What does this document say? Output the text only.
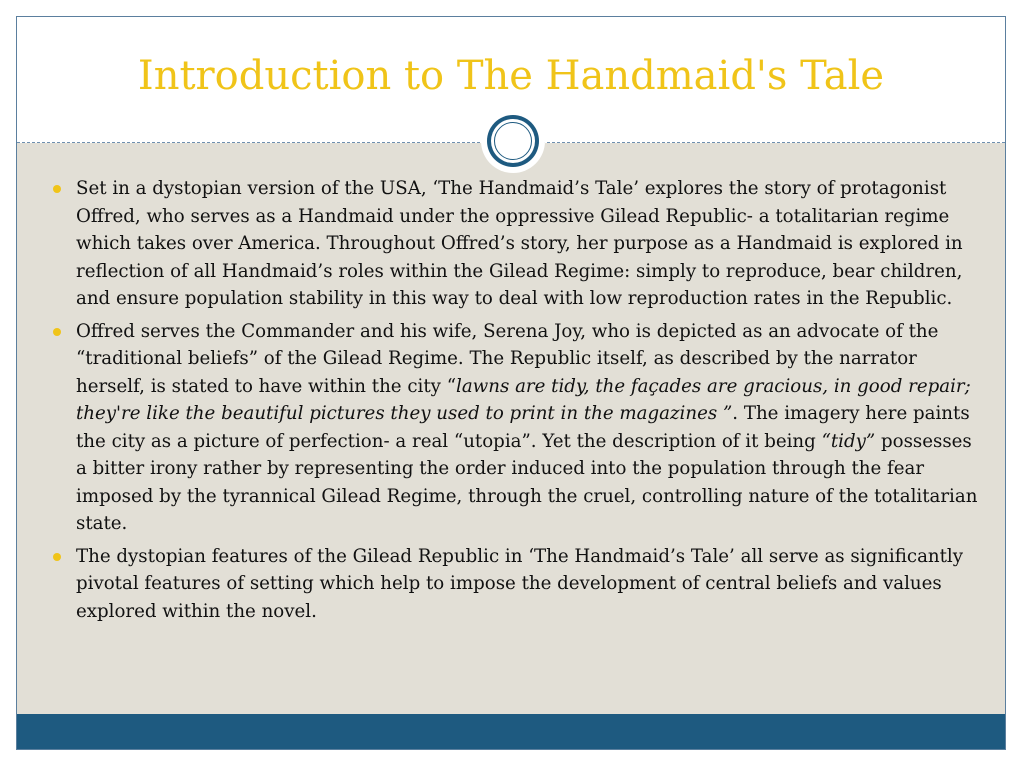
Introduction to The Handmaid's Tale
Set in a dystopian version of the USA, ‘The Handmaid’s Tale’ explores the story of protagonist Offred, who serves as a Handmaid under the oppressive Gilead Republic- a totalitarian regime which takes over America. Throughout Offred’s story, her purpose as a Handmaid is explored in reflection of all Handmaid’s roles within the Gilead Regime: simply to reproduce, bear children, and ensure population stability in this way to deal with low reproduction rates in the Republic.
Offred serves the Commander and his wife, Serena Joy, who is depicted as an advocate of the “traditional beliefs” of the Gilead Regime. The Republic itself, as described by the narrator herself, is stated to have within the city “lawns are tidy, the façades are gracious, in good repair; they're like the beautiful pictures they used to print in the magazines ”. The imagery here paints the city as a picture of perfection- a real “utopia”. Yet the description of it being “tidy” possesses a bitter irony rather by representing the order induced into the population through the fear imposed by the tyrannical Gilead Regime, through the cruel, controlling nature of the totalitarian state.
The dystopian features of the Gilead Republic in ‘The Handmaid’s Tale’ all serve as significantly pivotal features of setting which help to impose the development of central beliefs and values explored within the novel.
